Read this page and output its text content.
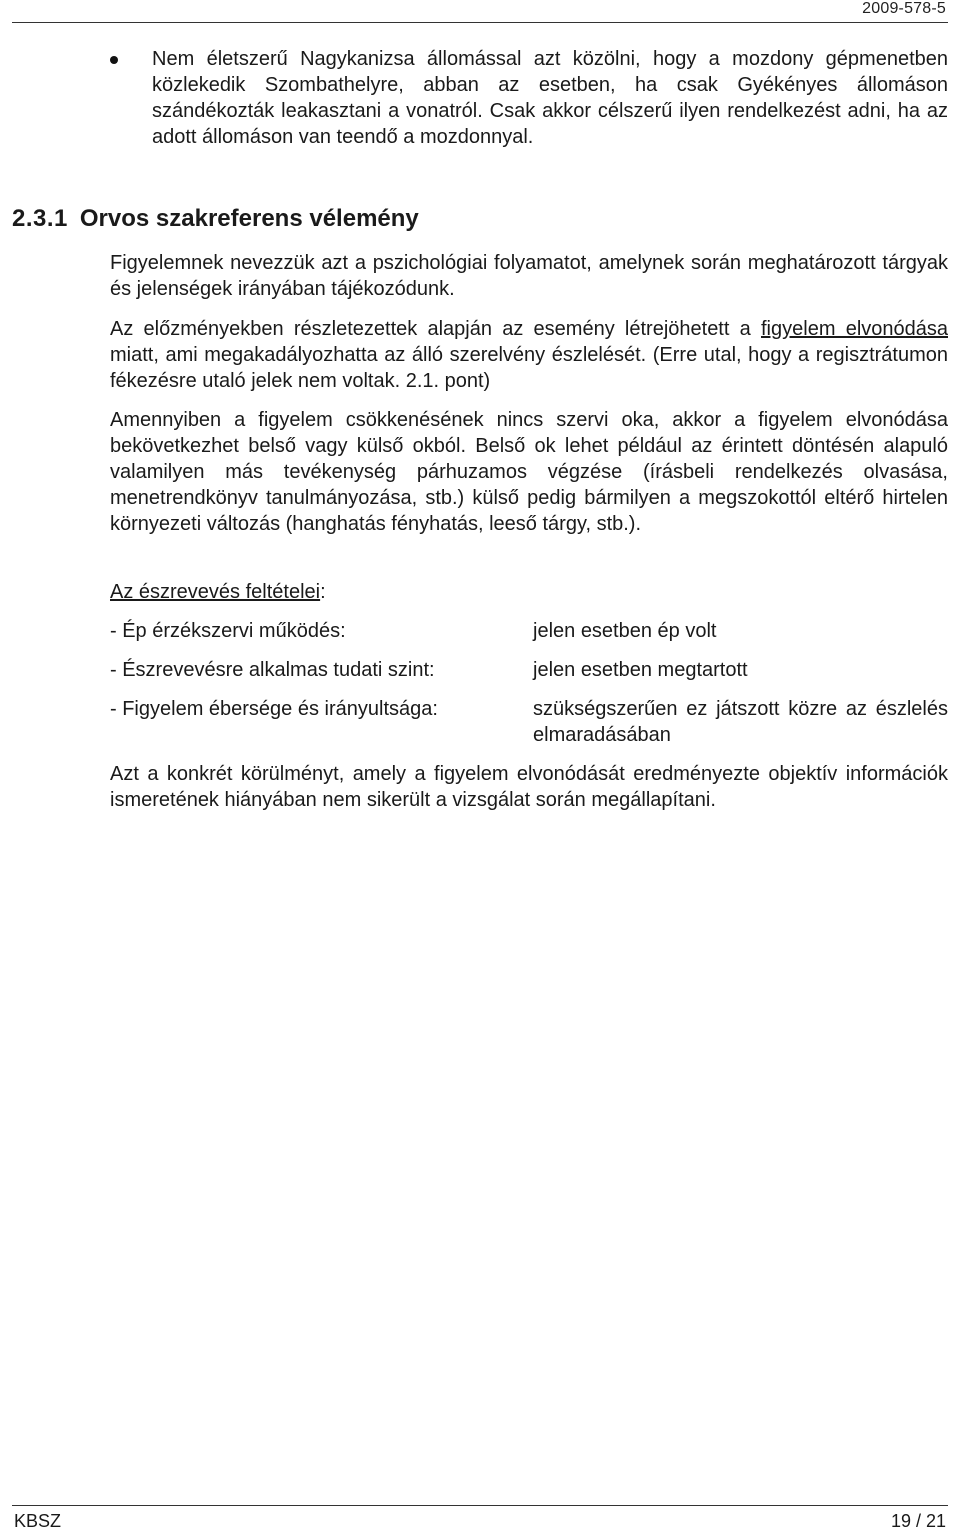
2009-578-5

Nem életszerű Nagykanizsa állomással azt közölni, hogy a mozdony gépmenetben közlekedik Szombathelyre, abban az esetben, ha csak Gyékényes állomáson szándékozták leakasztani a vonatról. Csak akkor célszerű ilyen rendelkezést adni, ha az adott állomáson van teendő a mozdonnyal.

2.3.1 Orvos szakreferens vélemény

Figyelemnek nevezzük azt a pszichológiai folyamatot, amelynek során meghatározott tárgyak és jelenségek irányában tájékozódunk.

Az előzményekben részletezettek alapján az esemény létrejöhetett a figyelem elvonódása miatt, ami megakadályozhatta az álló szerelvény észlelését. (Erre utal, hogy a regisztrátumon fékezésre utaló jelek nem voltak. 2.1. pont)

Amennyiben a figyelem csökkenésének nincs szervi oka, akkor a figyelem elvonódása bekövetkezhet belső vagy külső okból. Belső ok lehet például az érintett döntésén alapuló valamilyen más tevékenység párhuzamos végzése (írásbeli rendelkezés olvasása, menetrendkönyv tanulmányozása, stb.) külső pedig bármilyen a megszokottól eltérő hirtelen környezeti változás (hanghatás fényhatás, leeső tárgy, stb.).

Az észrevevés feltételei:

- Ép érzékszervi működés:	jelen esetben ép volt
- Észrevevésre alkalmas tudati szint:	jelen esetben megtartott
- Figyelem ébersége és irányultsága:	szükségszerűen ez játszott közre az észlelés elmaradásában

Azt a konkrét körülményt, amely a figyelem elvonódását eredményezte objektív információk ismeretének hiányában nem sikerült a vizsgálat során megállapítani.

KBSZ	19 / 21
